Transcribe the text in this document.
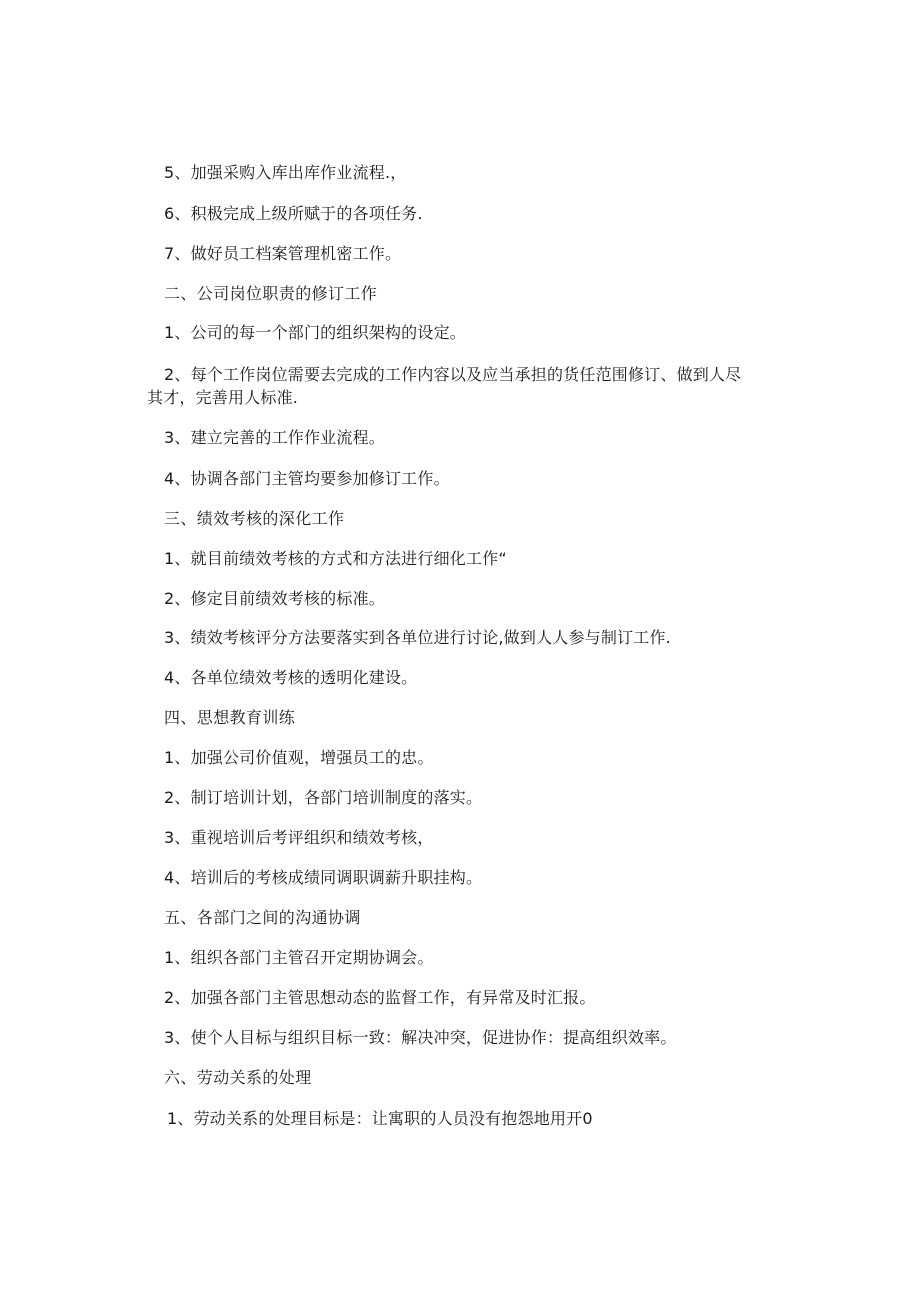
5、加强采购入库出库作业流程.，
6、积极完成上级所赋于的各项任务.
7、做好员工档案管理机密工作。
二、公司岗位职责的修订工作
1、公司的每一个部门的组织架构的设定。
2、每个工作岗位需要去完成的工作内容以及应当承担的货任范围修订、做到人尽
其才，完善用人标准.
3、建立完善的工作作业流程。
4、协调各部门主管均要参加修订工作。
三、绩效考核的深化工作
1、就目前绩效考核的方式和方法进行细化工作“
2、修定目前绩效考核的标准。
3、绩效考核评分方法要落实到各单位进行讨论,做到人人参与制订工作.
4、各单位绩效考核的透明化建设。
四、思想教育训练
1、加强公司价值观，增强员工的忠。
2、制订培训计划，各部门培训制度的落实。
3、重视培训后考评组织和绩效考核，
4、培训后的考核成绩同调职调薪升职挂构。
五、各部门之间的沟通协调
1、组织各部门主管召开定期协调会。
2、加强各部门主管思想动态的监督工作，有异常及时汇报。
3、使个人目标与组织目标一致：解决冲突，促进协作：提高组织效率。
六、劳动关系的处理
1、劳动关系的处理目标是：让寓职的人员没有抱怨地用开0
